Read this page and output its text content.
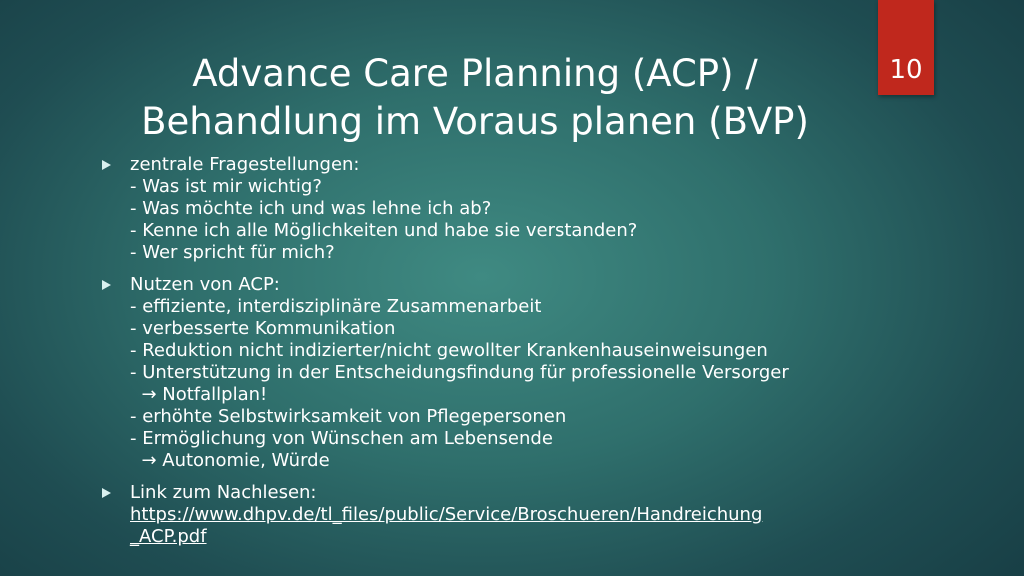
10
Advance Care Planning (ACP) /
Behandlung im Voraus planen (BVP)
zentrale Fragestellungen:
- Was ist mir wichtig?
- Was möchte ich und was lehne ich ab?
- Kenne ich alle Möglichkeiten und habe sie verstanden?
- Wer spricht für mich?
Nutzen von ACP:
- effiziente, interdisziplinäre Zusammenarbeit
- verbesserte Kommunikation
- Reduktion nicht indizierter/nicht gewollter Krankenhauseinweisungen
- Unterstützung in der Entscheidungsfindung für professionelle Versorger
→ Notfallplan!
- erhöhte Selbstwirksamkeit von Pflegepersonen
- Ermöglichung von Wünschen am Lebensende
→ Autonomie, Würde
Link zum Nachlesen:
https://www.dhpv.de/tl_files/public/Service/Broschueren/Handreichung
_ACP.pdf
